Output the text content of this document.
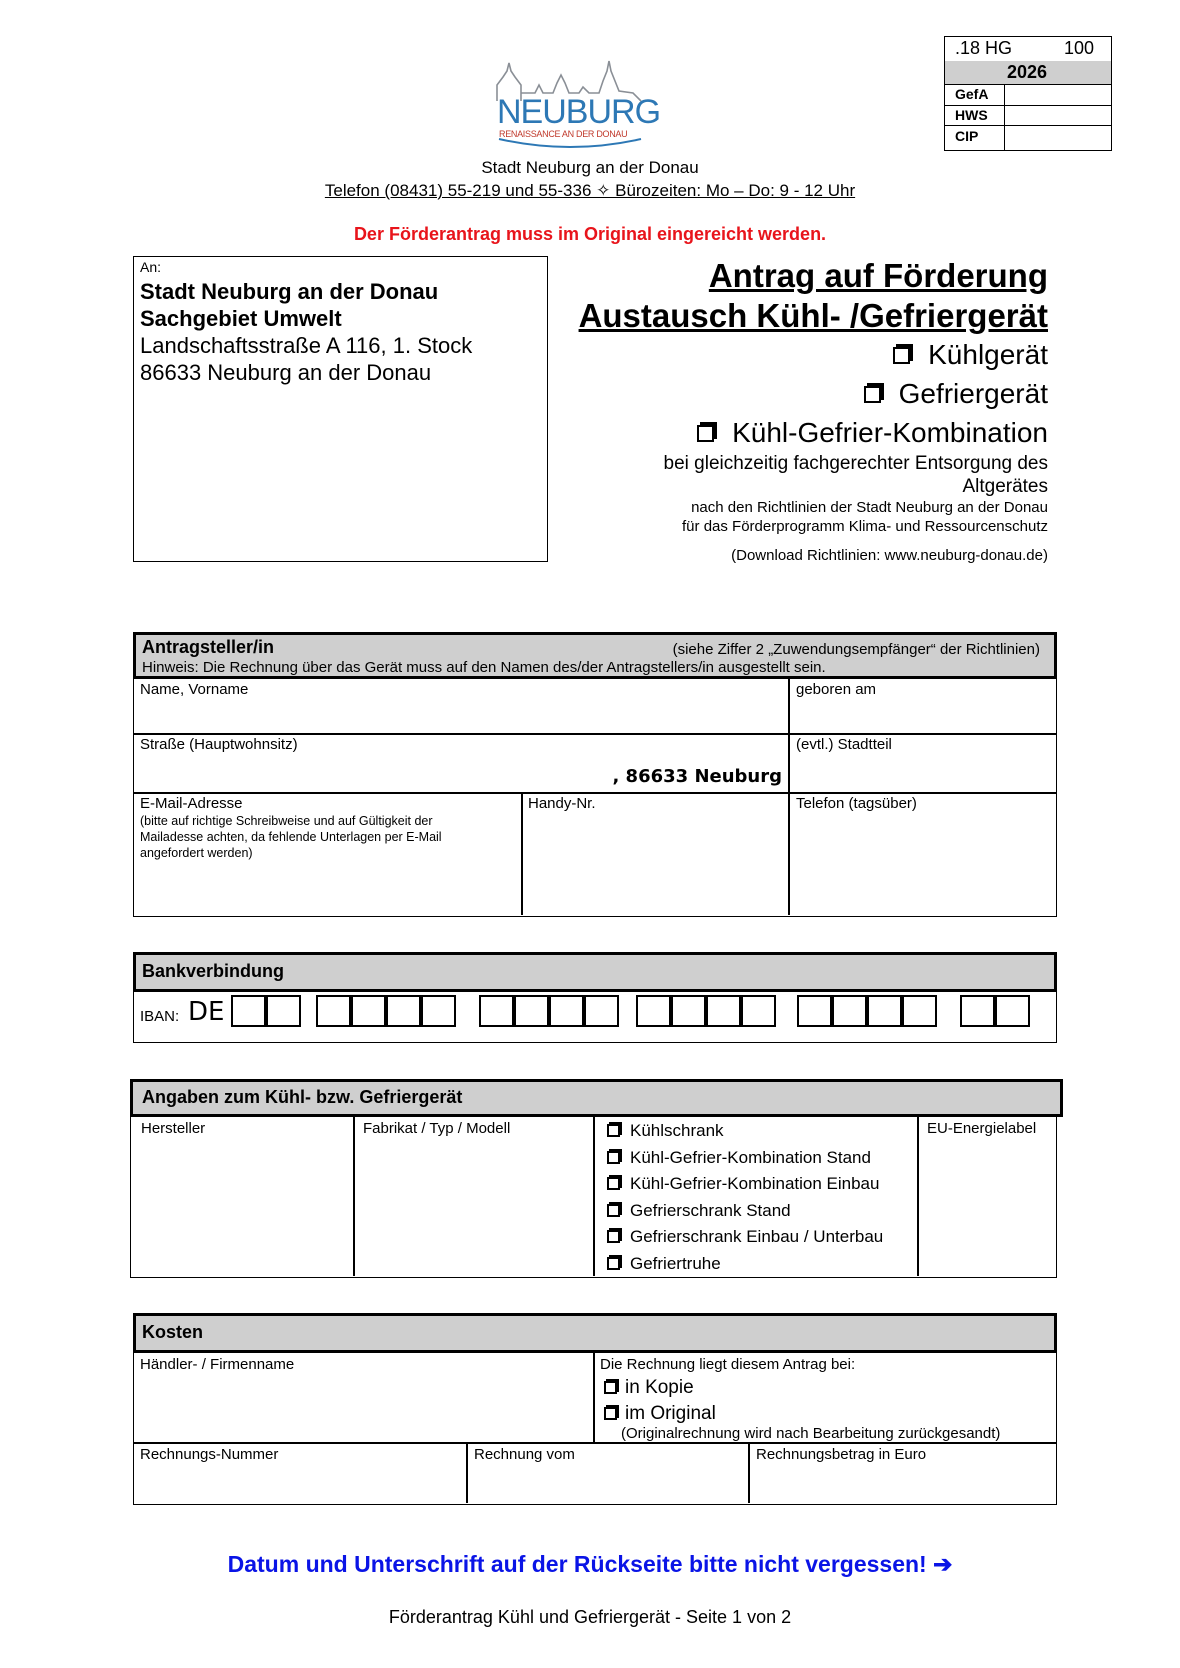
NEUBURG
RENAISSANCE AN DER DONAU
.18 HG	100
2026
GefA
HWS
CIP
Stadt Neuburg an der Donau
Telefon (08431) 55-219 und 55-336 ✧ Bürozeiten: Mo – Do: 9 - 12 Uhr
Der Förderantrag muss im Original eingereicht werden.
An:
Stadt Neuburg an der Donau
Sachgebiet Umwelt
Landschaftsstraße A 116, 1. Stock
86633 Neuburg an der Donau
Antrag auf Förderung
Austausch Kühl- /Gefriergerät
Kühlgerät
Gefriergerät
Kühl-Gefrier-Kombination
bei gleichzeitig fachgerechter Entsorgung des
Altgerätes
nach den Richtlinien der Stadt Neuburg an der Donau
für das Förderprogramm Klima- und Ressourcenschutz
(Download Richtlinien: www.neuburg-donau.de)
Antragsteller/in	(siehe Ziffer 2 „Zuwendungsempfänger“ der Richtlinien)
Hinweis: Die Rechnung über das Gerät muss auf den Namen des/der Antragstellers/in ausgestellt sein.
Name, Vorname	geboren am
Straße (Hauptwohnsitz)
, 86633 Neuburg
(evtl.) Stadtteil
E-Mail-Adresse
(bitte auf richtige Schreibweise und auf Gültigkeit der Mailadesse achten, da fehlende Unterlagen per E-Mail angefordert werden)
Handy-Nr.	Telefon (tagsüber)
Bankverbindung
IBAN: DE
Angaben zum Kühl- bzw. Gefriergerät
Hersteller	Fabrikat / Typ / Modell	EU-Energielabel
Kühlschrank
Kühl-Gefrier-Kombination Stand
Kühl-Gefrier-Kombination Einbau
Gefrierschrank Stand
Gefrierschrank Einbau / Unterbau
Gefriertruhe
Kosten
Händler- / Firmenname	Die Rechnung liegt diesem Antrag bei:
in Kopie
im Original
(Originalrechnung wird nach Bearbeitung zurückgesandt)
Rechnungs-Nummer	Rechnung vom	Rechnungsbetrag in Euro
Datum und Unterschrift auf der Rückseite bitte nicht vergessen! ➔
Förderantrag Kühl und Gefriergerät - Seite 1 von 2
